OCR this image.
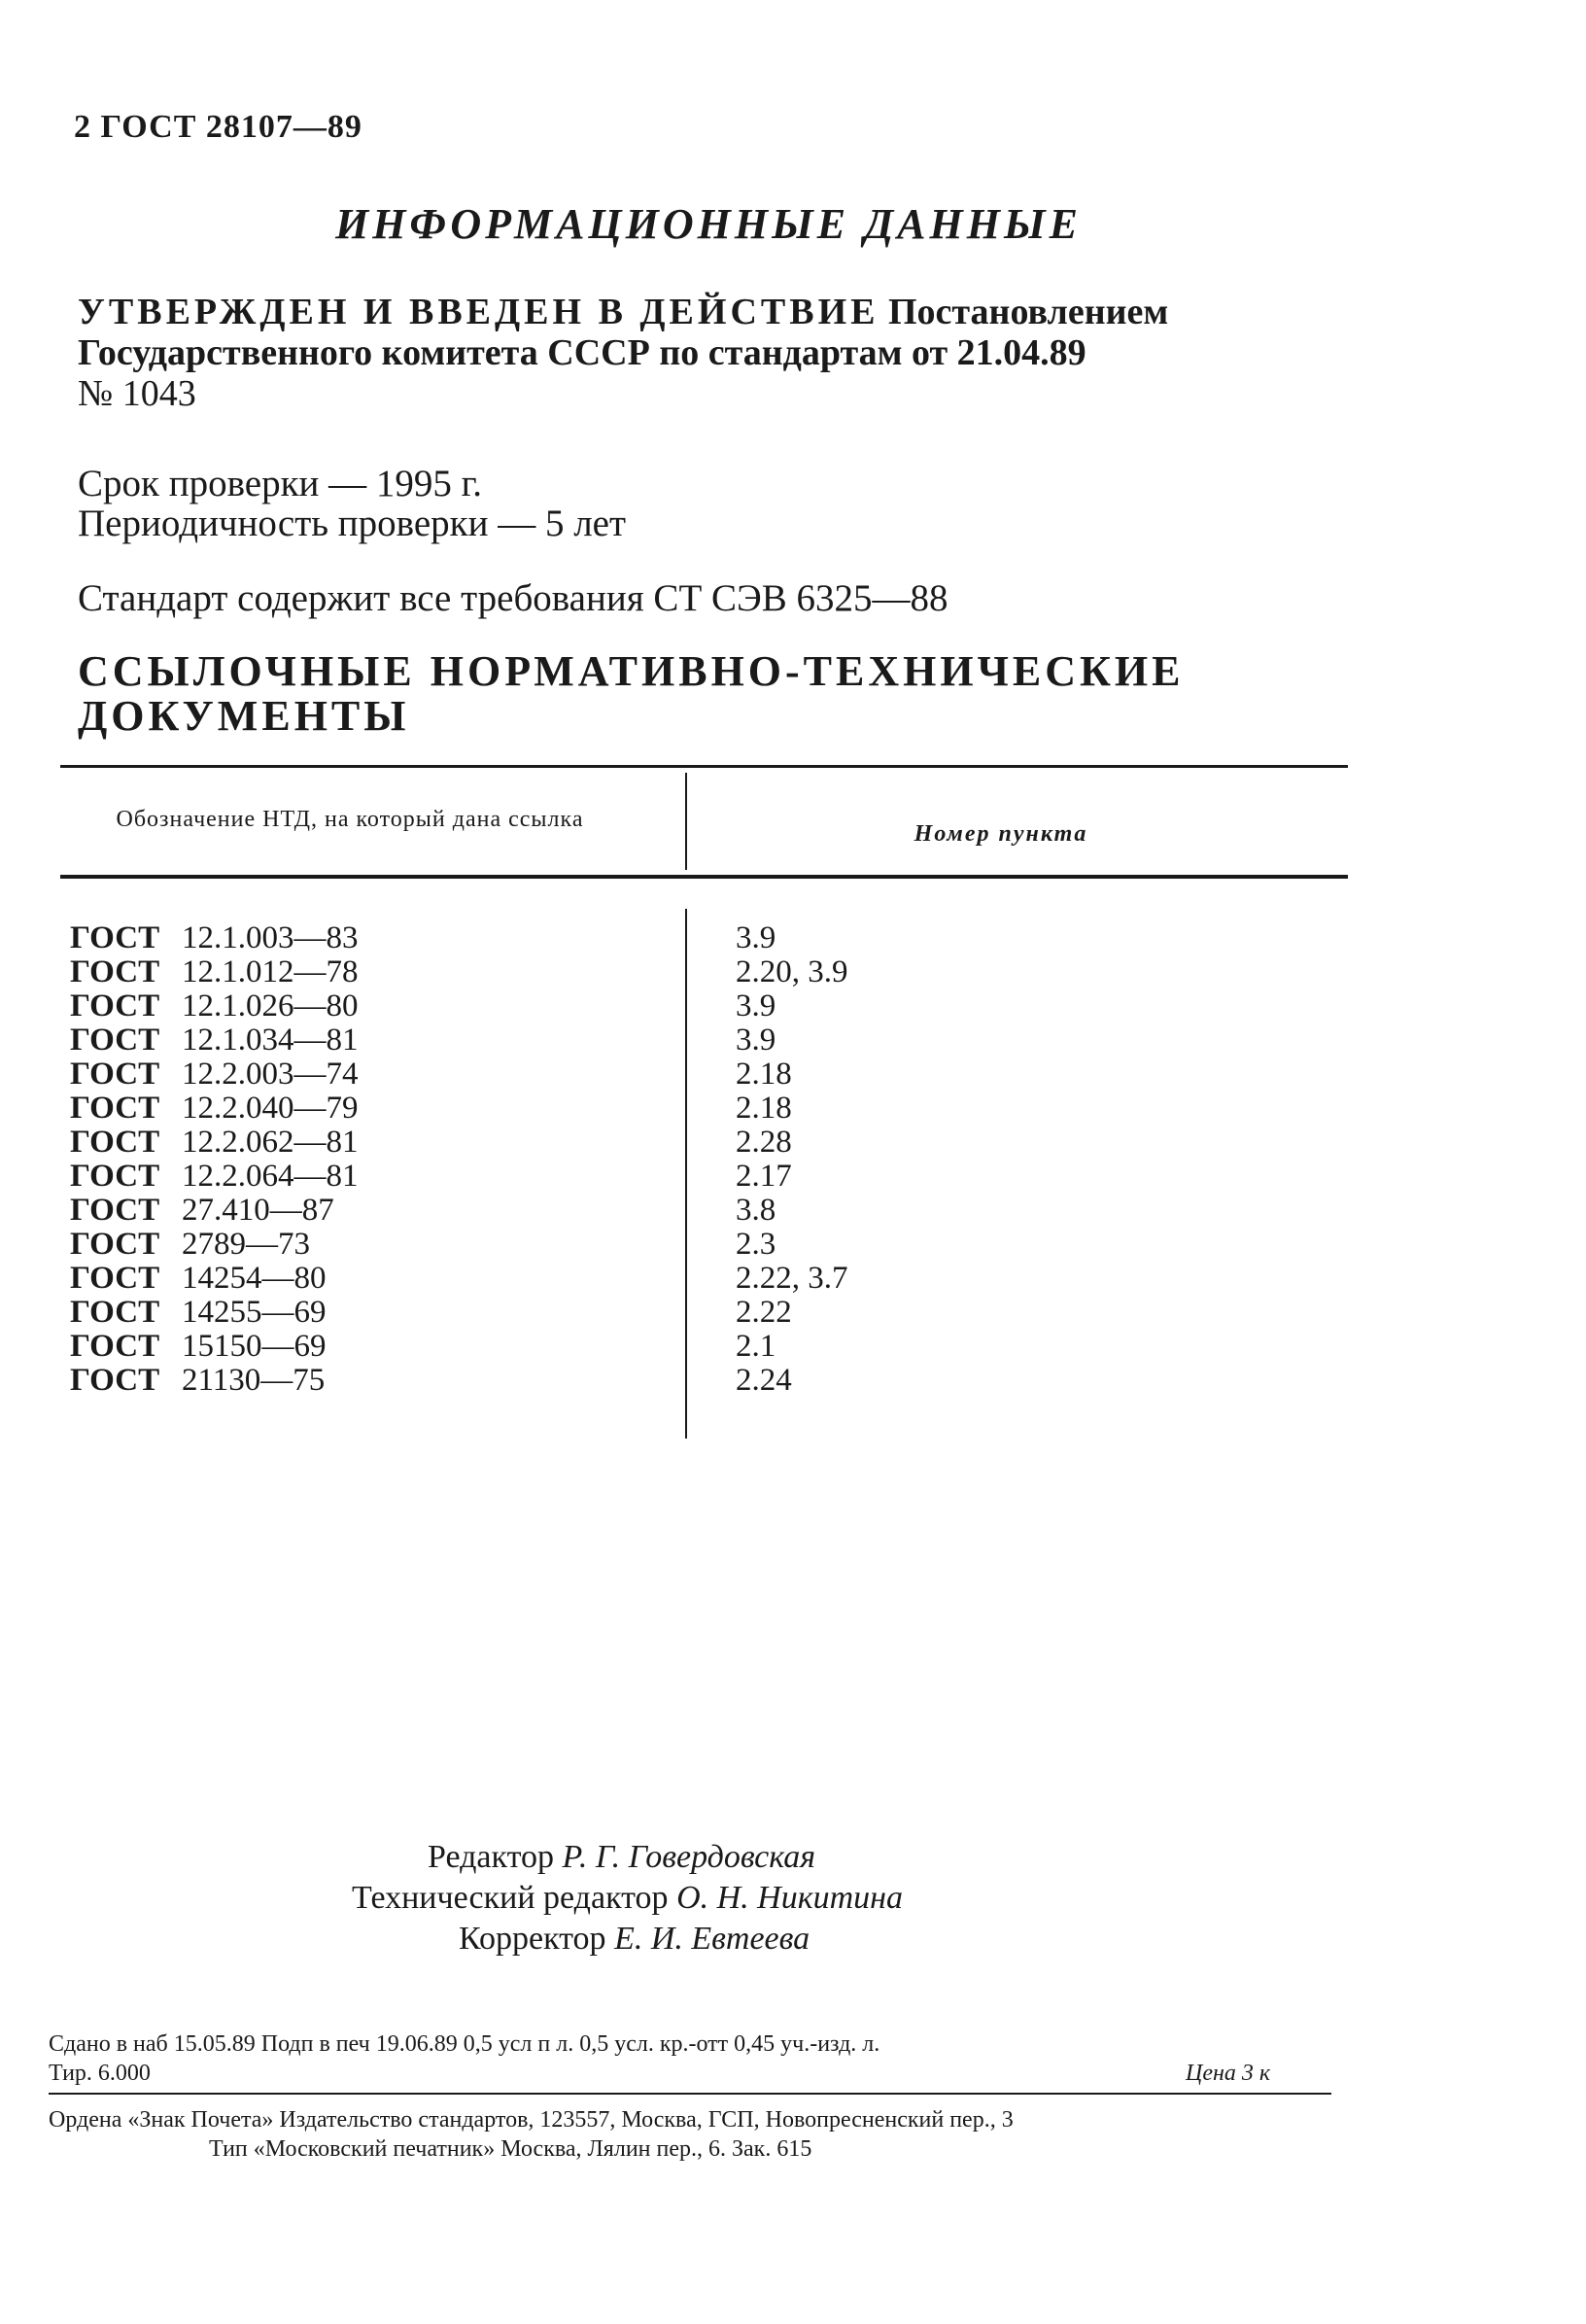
2 ГОСТ 28107—89
ИНФОРМАЦИОННЫЕ ДАННЫЕ
УТВЕРЖДЕН И ВВЕДЕН В ДЕЙСТВИЕ Постановлением Государственного комитета СССР по стандартам от 21.04.89
№ 1043
Срок проверки — 1995 г.
Периодичность проверки — 5 лет
Стандарт содержит все требования СТ СЭВ 6325—88
ССЫЛОЧНЫЕ НОРМАТИВНО-ТЕХНИЧЕСКИЕ ДОКУМЕНТЫ
Обозначение НТД, на который дана ссылка
Номер пункта
ГОСТ 12.1.003—83	3.9
ГОСТ 12.1.012—78	2.20, 3.9
ГОСТ 12.1.026—80	3.9
ГОСТ 12.1.034—81	3.9
ГОСТ 12.2.003—74	2.18
ГОСТ 12.2.040—79	2.18
ГОСТ 12.2.062—81	2.28
ГОСТ 12.2.064—81	2.17
ГОСТ 27.410—87	3.8
ГОСТ 2789—73	2.3
ГОСТ 14254—80	2.22, 3.7
ГОСТ 14255—69	2.22
ГОСТ 15150—69	2.1
ГОСТ 21130—75	2.24
Редактор Р. Г. Говердовская
Технический редактор О. Н. Никитина
Корректор Е. И. Евтеева
Сдано в наб 15.05.89 Подп в печ 19.06.89 0,5 усл п л. 0,5 усл. кр.-отт 0,45 уч.-изд. л.
Тир. 6.000	Цена 3 к
Ордена «Знак Почета» Издательство стандартов, 123557, Москва, ГСП, Новопресненский пер., 3
Тип «Московский печатник» Москва, Лялин пер., 6. Зак. 615
